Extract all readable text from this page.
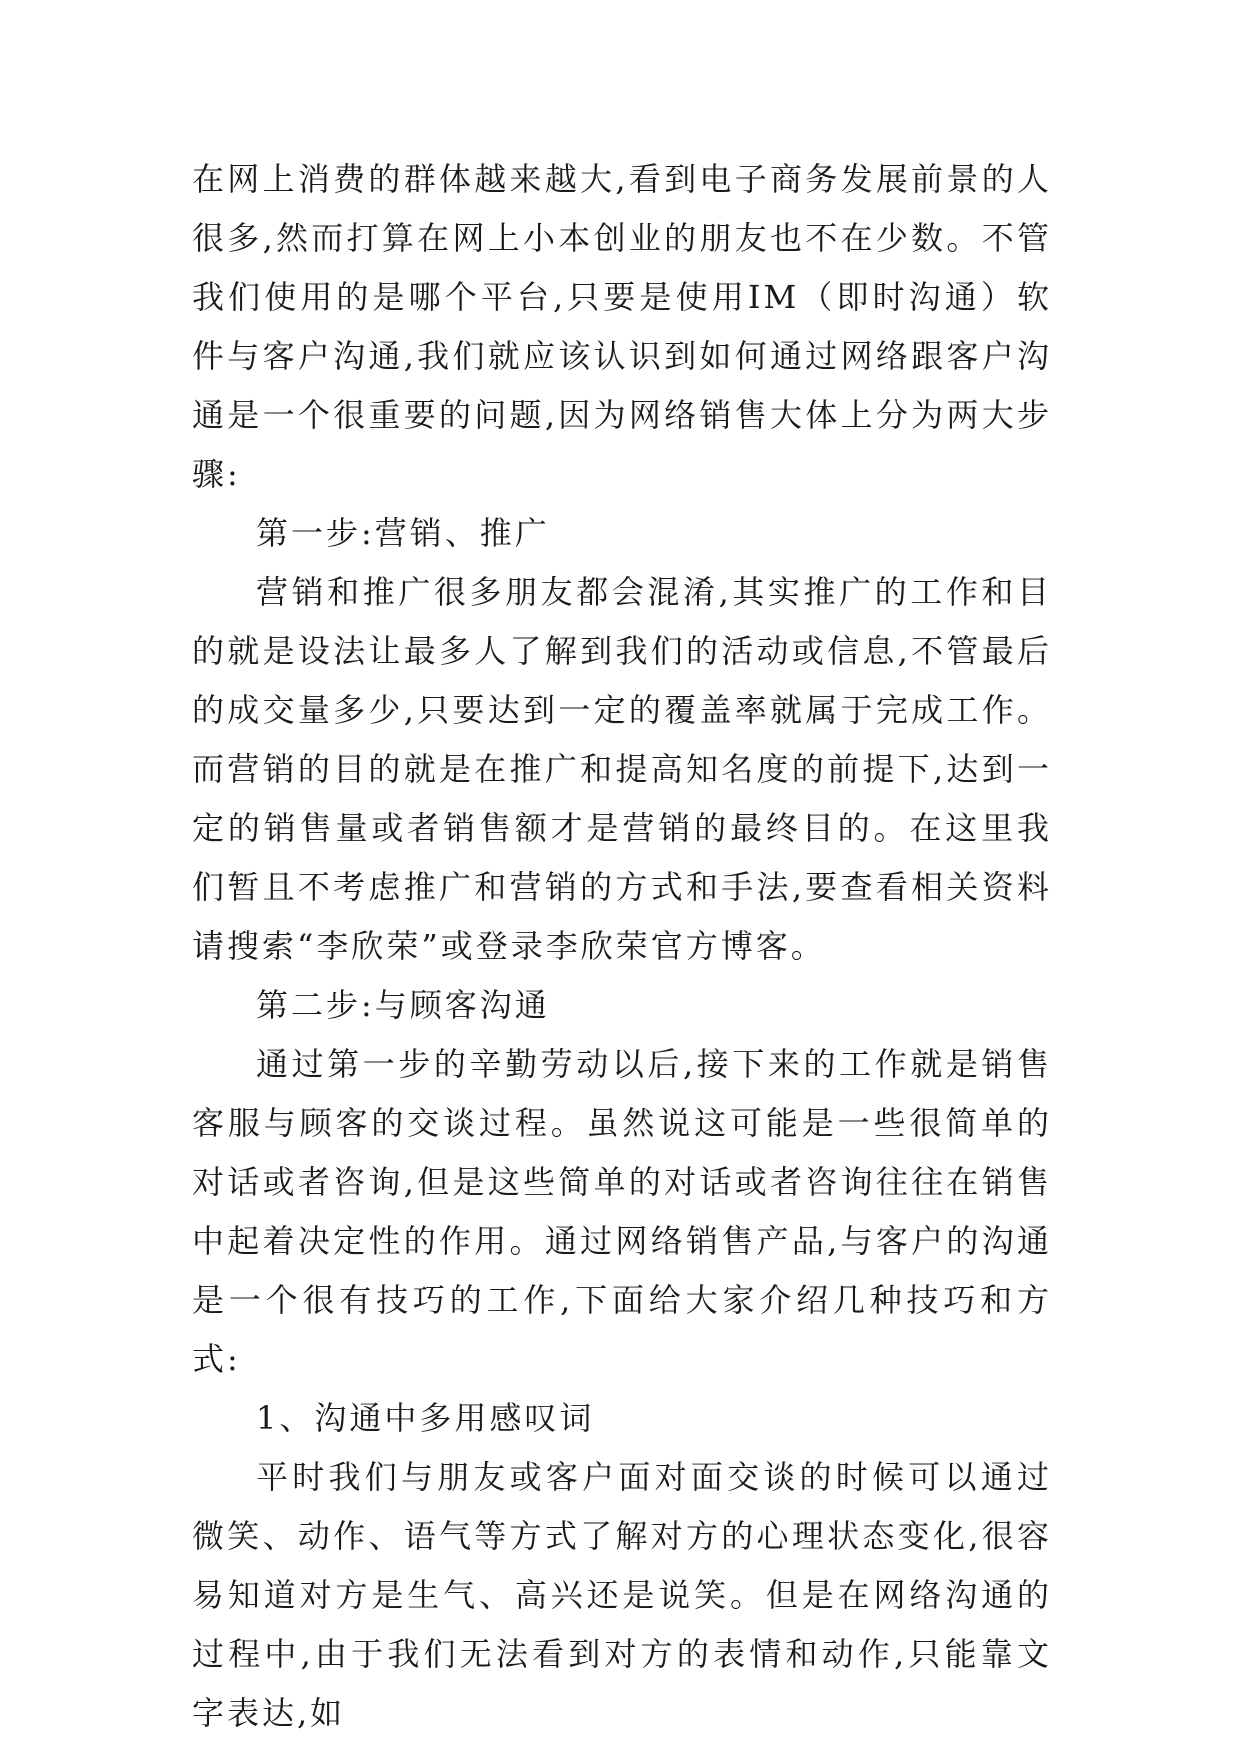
在网上消费的群体越来越大,看到电子商务发展前景的人很多,然而打算在网上小本创业的朋友也不在少数。不管我们使用的是哪个平台,只要是使用IM（即时沟通）软件与客户沟通,我们就应该认识到如何通过网络跟客户沟通是一个很重要的问题,因为网络销售大体上分为两大步骤:

第一步:营销、推广

营销和推广很多朋友都会混淆,其实推广的工作和目的就是设法让最多人了解到我们的活动或信息,不管最后的成交量多少,只要达到一定的覆盖率就属于完成工作。而营销的目的就是在推广和提高知名度的前提下,达到一定的销售量或者销售额才是营销的最终目的。在这里我们暂且不考虑推广和营销的方式和手法,要查看相关资料请搜索“李欣荣”或登录李欣荣官方博客。

第二步:与顾客沟通

通过第一步的辛勤劳动以后,接下来的工作就是销售客服与顾客的交谈过程。虽然说这可能是一些很简单的对话或者咨询,但是这些简单的对话或者咨询往往在销售中起着决定性的作用。通过网络销售产品,与客户的沟通是一个很有技巧的工作,下面给大家介绍几种技巧和方式:

1、沟通中多用感叹词

平时我们与朋友或客户面对面交谈的时候可以通过微笑、动作、语气等方式了解对方的心理状态变化,很容易知道对方是生气、高兴还是说笑。但是在网络沟通的过程中,由于我们无法看到对方的表情和动作,只能靠文字表达,如
